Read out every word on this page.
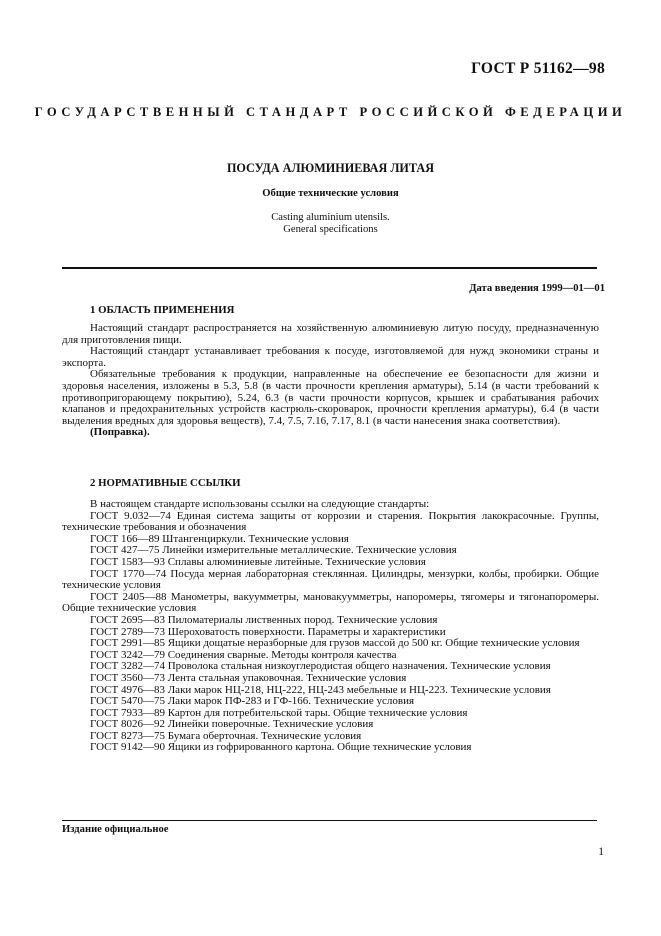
ГОСТ Р 51162—98
ГОСУДАРСТВЕННЫЙ СТАНДАРТ РОССИЙСКОЙ ФЕДЕРАЦИИ
ПОСУДА АЛЮМИНИЕВАЯ ЛИТАЯ
Общие технические условия
Casting aluminium utensils.
General specifications
Дата введения 1999—01—01
1 ОБЛАСТЬ ПРИМЕНЕНИЯ

Настоящий стандарт распространяется на хозяйственную алюминиевую литую посуду, предназначенную для приготовления пищи.

Настоящий стандарт устанавливает требования к посуде, изготовляемой для нужд экономики страны и экспорта.

Обязательные требования к продукции, направленные на обеспечение ее безопасности для жизни и здоровья населения, изложены в 5.3, 5.8 (в части прочности крепления арматуры), 5.14 (в части требований к противопригорающему покрытию), 5.24, 6.3 (в части прочности корпусов, крышек и срабатывания рабочих клапанов и предохранительных устройств кастрюль-скороварок, прочности крепления арматуры), 6.4 (в части выделения вредных для здоровья веществ), 7.4, 7.5, 7.16, 7.17, 8.1 (в части нанесения знака соответствия).

(Поправка).

2 НОРМАТИВНЫЕ ССЫЛКИ

В настоящем стандарте использованы ссылки на следующие стандарты:

ГОСТ 9.032—74 Единая система защиты от коррозии и старения. Покрытия лакокрасочные. Группы, технические требования и обозначения

ГОСТ 166—89 Штангенциркули. Технические условия

ГОСТ 427—75 Линейки измерительные металлические. Технические условия

ГОСТ 1583—93 Сплавы алюминиевые литейные. Технические условия

ГОСТ 1770—74 Посуда мерная лабораторная стеклянная. Цилиндры, мензурки, колбы, пробирки. Общие технические условия

ГОСТ 2405—88 Манометры, вакуумметры, мановакуумметры, напоромеры, тягомеры и тягонапоромеры. Общие технические условия

ГОСТ 2695—83 Пиломатериалы лиственных пород. Технические условия

ГОСТ 2789—73 Шероховатость поверхности. Параметры и характеристики

ГОСТ 2991—85 Ящики дощатые неразборные для грузов массой до 500 кг. Общие технические условия

ГОСТ 3242—79 Соединения сварные. Методы контроля качества

ГОСТ 3282—74 Проволока стальная низкоуглеродистая общего назначения. Технические условия

ГОСТ 3560—73 Лента стальная упаковочная. Технические условия

ГОСТ 4976—83 Лаки марок НЦ-218, НЦ-222, НЦ-243 мебельные и НЦ-223. Технические условия

ГОСТ 5470—75 Лаки марок ПФ-283 и ГФ-166. Технические условия

ГОСТ 7933—89 Картон для потребительской тары. Общие технические условия

ГОСТ 8026—92 Линейки поверочные. Технические условия

ГОСТ 8273—75 Бумага оберточная. Технические условия

ГОСТ 9142—90 Ящики из гофрированного картона. Общие технические условия

Издание официальное
1
